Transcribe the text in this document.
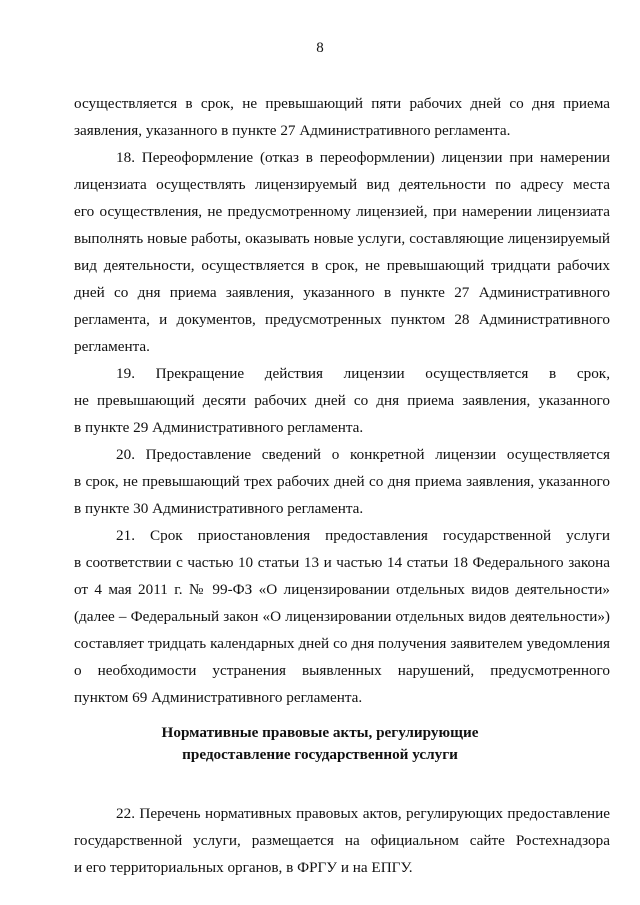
8
осуществляется в срок, не превышающий пяти рабочих дней со дня приема
заявления, указанного в пункте 27 Административного регламента.
18. Переоформление (отказ в переоформлении) лицензии при намерении
лицензиата осуществлять лицензируемый вид деятельности по адресу места
его осуществления, не предусмотренному лицензией, при намерении лицензиата
выполнять новые работы, оказывать новые услуги, составляющие лицензируемый
вид деятельности, осуществляется в срок, не превышающий тридцати рабочих
дней со дня приема заявления, указанного в пункте 27 Административного
регламента, и документов, предусмотренных пунктом 28 Административного
регламента.
19. Прекращение действия лицензии осуществляется в срок,
не превышающий десяти рабочих дней со дня приема заявления, указанного
в пункте 29 Административного регламента.
20. Предоставление сведений о конкретной лицензии осуществляется
в срок, не превышающий трех рабочих дней со дня приема заявления, указанного
в пункте 30 Административного регламента.
21. Срок приостановления предоставления государственной услуги
в соответствии с частью 10 статьи 13 и частью 14 статьи 18 Федерального закона
от 4 мая 2011 г. № 99-ФЗ «О лицензировании отдельных видов деятельности»
(далее – Федеральный закон «О лицензировании отдельных видов деятельности»)
составляет тридцать календарных дней со дня получения заявителем уведомления
о необходимости устранения выявленных нарушений, предусмотренного
пунктом 69 Административного регламента.
Нормативные правовые акты, регулирующие
предоставление государственной услуги
22. Перечень нормативных правовых актов, регулирующих предоставление
государственной услуги, размещается на официальном сайте Ростехнадзора
и его территориальных органов, в ФРГУ и на ЕПГУ.
